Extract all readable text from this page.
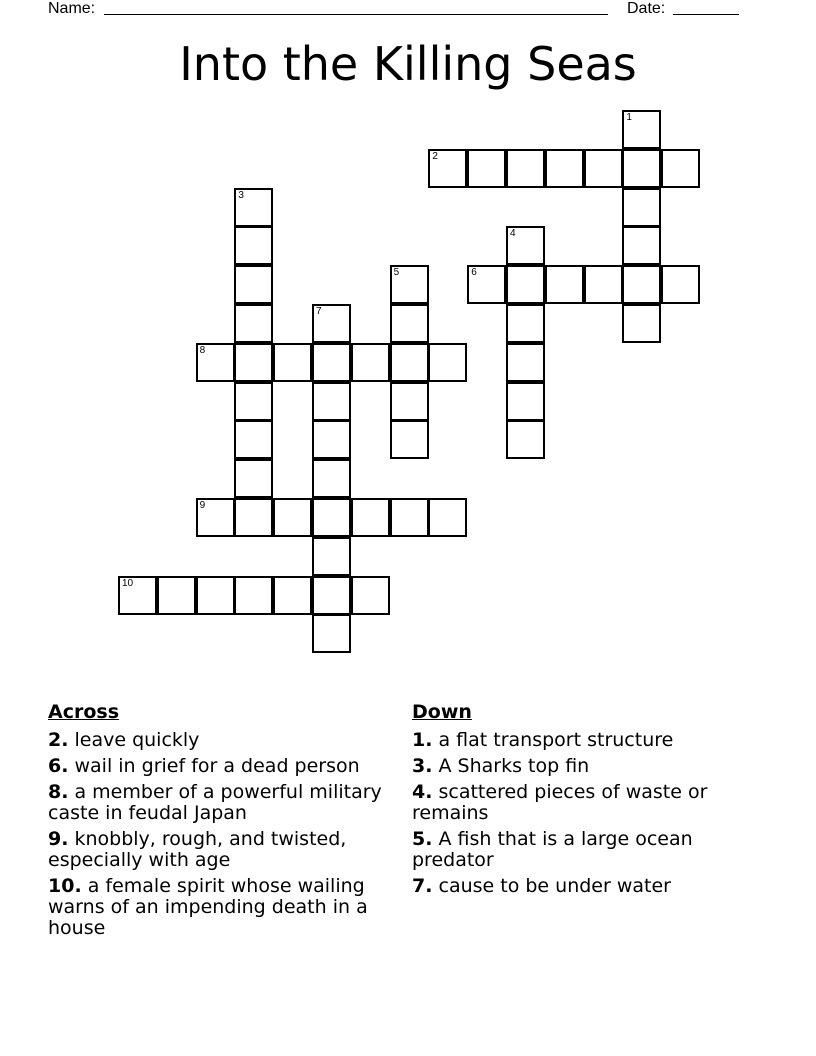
Name:	Date:
Into the Killing Seas
1
2
3
4
5	6
7
8
9
10
Across
2. leave quickly
6. wail in grief for a dead person
8. a member of a powerful military caste in feudal Japan
9. knobbly, rough, and twisted, especially with age
10. a female spirit whose wailing warns of an impending death in a house
Down
1. a flat transport structure
3. A Sharks top fin
4. scattered pieces of waste or remains
5. A fish that is a large ocean predator
7. cause to be under water
